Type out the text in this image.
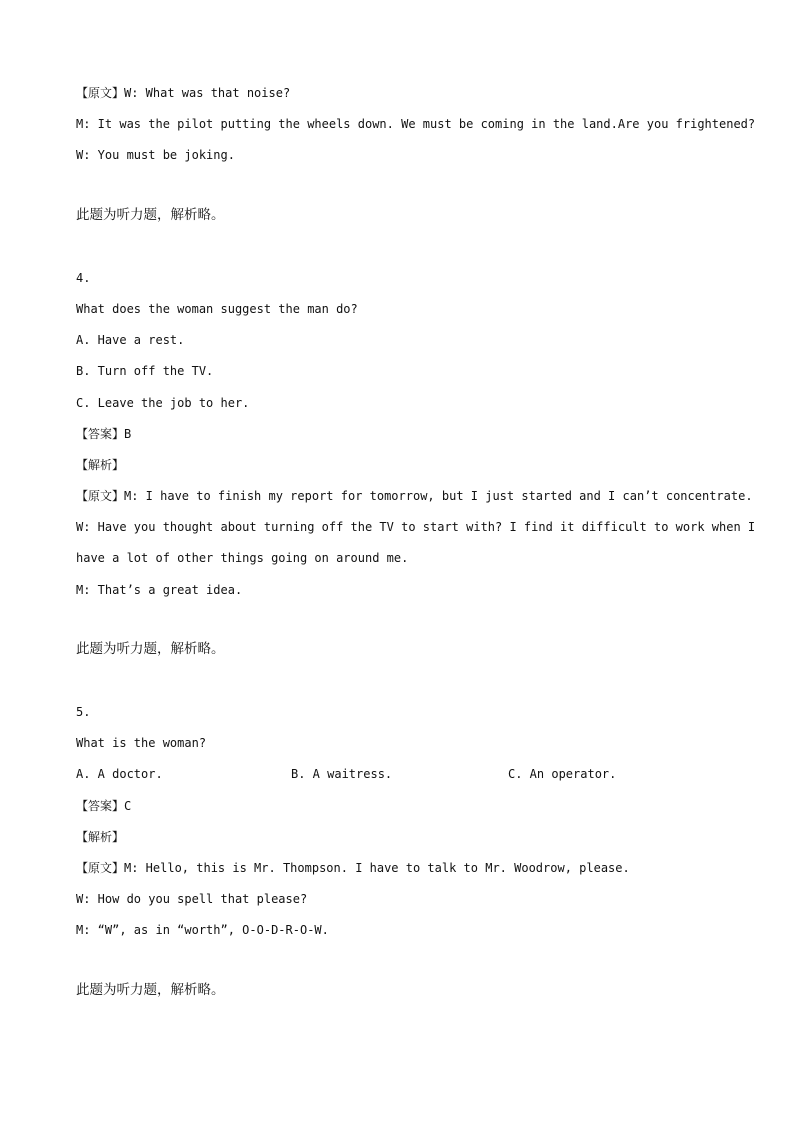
【原文】W: What was that noise?
M: It was the pilot putting the wheels down. We must be coming in the land.Are you frightened?
W: You must be joking.
此题为听力题，解析略。
4.
What does the woman suggest the man do?
A. Have a rest.
B. Turn off the TV.
C. Leave the job to her.
【答案】B
【解析】
【原文】M: I have to finish my report for tomorrow, but I just started and I can’t concentrate.
W: Have you thought about turning off the TV to start with? I find it difficult to work when I
have a lot of other things going on around me.
M: That’s a great idea.
此题为听力题，解析略。
5.
What is the woman?
A. A doctor.	B. A waitress.	C. An operator.
【答案】C
【解析】
【原文】M: Hello, this is Mr. Thompson. I have to talk to Mr. Woodrow, please.
W: How do you spell that please?
M: “W”, as in “worth”, O-O-D-R-O-W.
此题为听力题，解析略。
